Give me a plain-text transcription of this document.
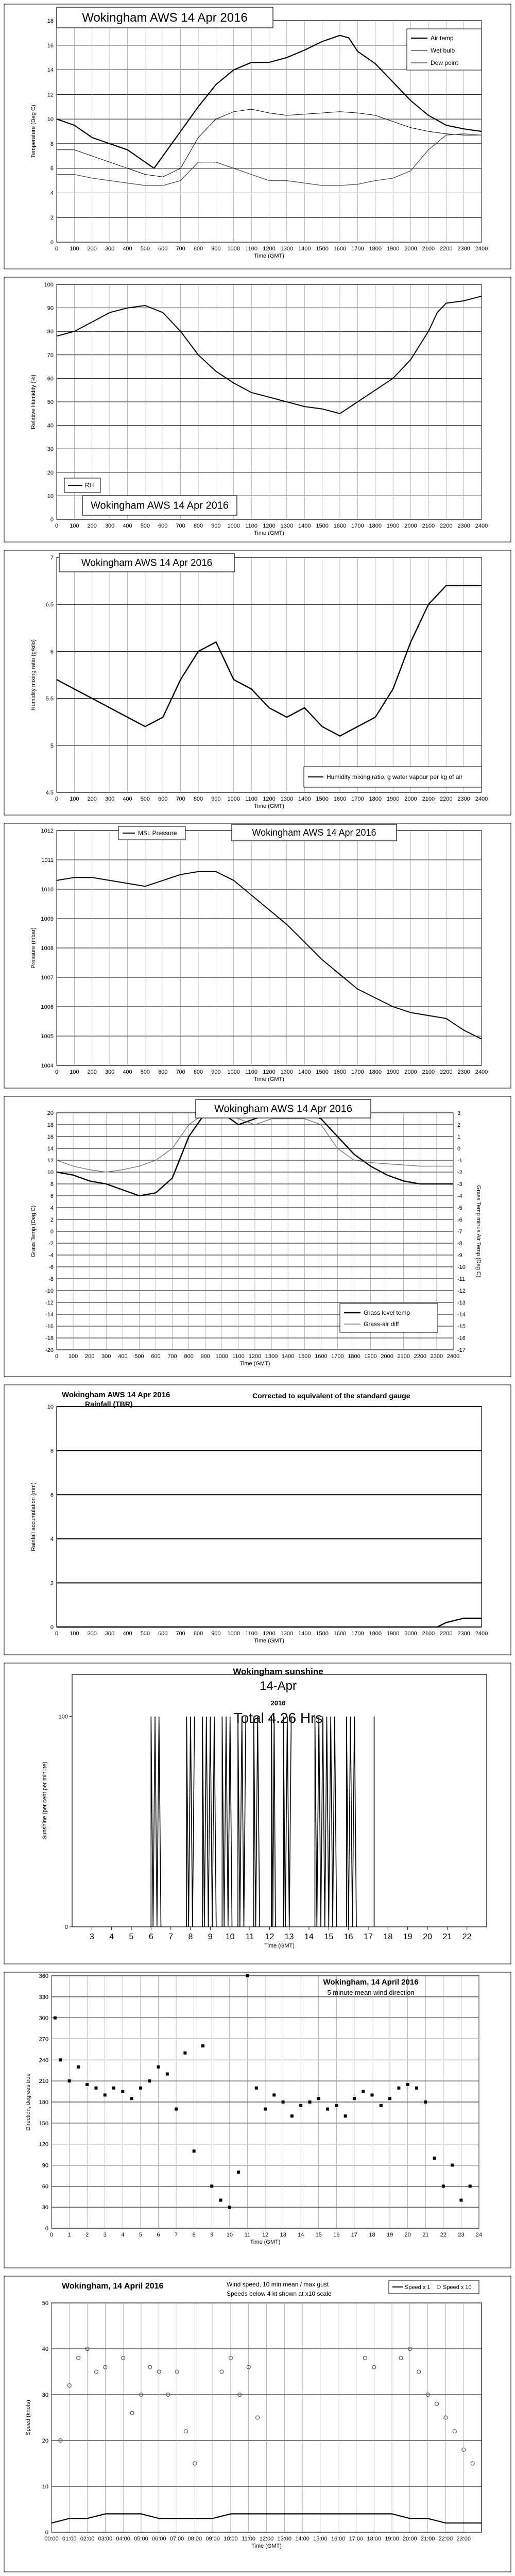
0
2
4
6
8
10
12
14
16
18
0 100 200 300 400 500 600 700 800 900 1000 1100 1200 1300 1400 1500 1600 1700 1800 1900 2000 2100 2200 2300 2400
Time (GMT)
Temperature (Deg C)
Wokingham AWS 14 Apr 2016
Air temp
Wet bulb
Dew point
0
10
20
30
40
50
60
70
80
90
100
0 100 200 300 400 500 600 700 800 900 1000 1100 1200 1300 1400 1500 1600 1700 1800 1900 2000 2100 2200 2300 2400
Time (GMT)
Relative Humidity (%)
RH
Wokingham AWS 14 Apr 2016
4.5
5
5.5
6
6.5
7
0 100 200 300 400 500 600 700 800 900 1000 1100 1200 1300 1400 1500 1600 1700 1800 1900 2000 2100 2200 2300 2400
Time (GMT)
Humidity mixing ratio (g/kilo)
Wokingham AWS 14 Apr 2016
Humidity mixing ratio, g water vapour per kg of air
1004
1005
1006
1007
1008
1009
1010
1011
1012
0 100 200 300 400 500 600 700 800 900 1000 1100 1200 1300 1400 1500 1600 1700 1800 1900 2000 2100 2200 2300 2400
Time (GMT)
Pressure (mbar)
MSL Pressure	Wokingham AWS 14 Apr 2016
-20
-18
-16
-14
-12
-10
-8
-6
-4
-2
0
2
4
6
8
10
12
14
16
18
20
0 100 200 300 400 500 600 700 800 900 1000 1100 1200 1300 1400 1500 1600 1700 1800 1900 2000 2100 2200 2300 2400
Time (GMT)
Grass Temp (Deg C)
-17
-16
-15
-14
-13
-12
-11
-10
-9
-8
-7
-6
-5
-4
-3
-2
-1
0
1
2
3
Grass Temp minus Air Temp (Deg C)
Wokingham AWS 14 Apr 2016
Grass level temp
Grass-air diff
0
2
4
6
8
10
0 100 200 300 400 500 600 700 800 900 1000 1100 1200 1300 1400 1500 1600 1700 1800 1900 2000 2100 2200 2300 2400
Time (GMT)
Rainfall accumulation (mm)
Wokingham AWS 14 Apr 2016
Rainfall (TBR)
Corrected to equivalent of the standard gauge
3 4 5 6 7 8 9 10 11 12 13 14 15 16 17 18 19 20 21 22
0
100
Time (GMT)
Sunshine (per cent per minute)
Wokingham sunshine
14-Apr
2016
Total 4.26 Hrs
0
30
60
90
120
150
180
210
240
270
300
330
360
0	1	2	3	4	5	6	7	8	9 10 11 12 13 14 15 16 17 18 19 20 21 22 23 24
Time (GMT)
Direction, degrees true
Wokingham, 14 April 2016
5 minute mean wind direction
0
10
20
30
40
50
00:00 01:00 02:00 03:00 04:00 05:00 06:00 07:00 08:00 09:00 10:00 11:00 12:00 13:00 14:00 15:00 16:00 17:00 18:00 19:00 20:00 21:00 22:00 23:00
Time (GMT)
Speed (knots)
Wokingham, 14 April 2016	Wind speed, 10 min mean / max gust
Speeds below 4 kt shown at x10 scale
Speed x 1 Speed x 10
